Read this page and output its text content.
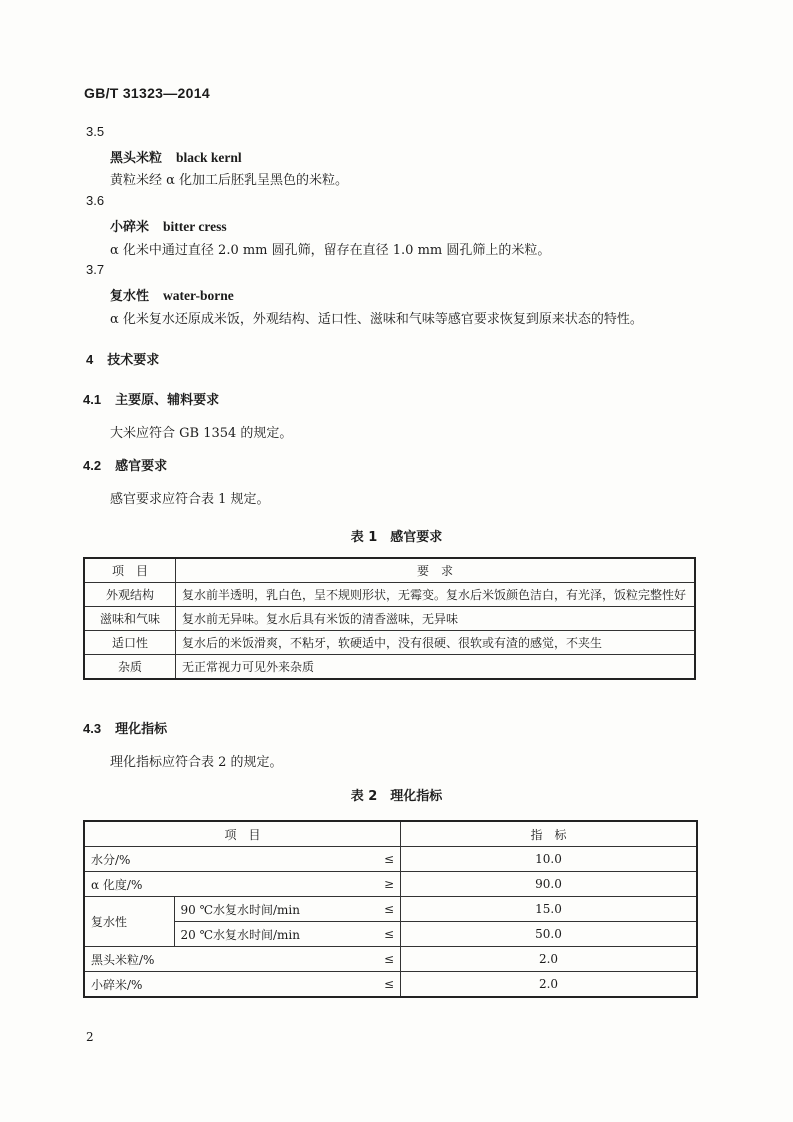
GB/T 31323—2014
3.5
黑头米粒 black kernl
黄粒米经 α 化加工后胚乳呈黑色的米粒。
3.6
小碎米 bitter cress
α 化米中通过直径 2.0 mm 圆孔筛，留存在直径 1.0 mm 圆孔筛上的米粒。
3.7
复水性 water-borne
α 化米复水还原成米饭，外观结构、适口性、滋味和气味等感官要求恢复到原来状态的特性。
4 技术要求
4.1 主要原、辅料要求
大米应符合 GB 1354 的规定。
4.2 感官要求
感官要求应符合表 1 规定。
表 1　感官要求
项　目	要　求
外观结构	复水前半透明，乳白色，呈不规则形状，无霉变。复水后米饭颜色洁白，有光泽，饭粒完整性好
滋味和气味	复水前无异味。复水后具有米饭的清香滋味，无异味
适口性	复水后的米饭滑爽，不粘牙，软硬适中，没有很硬、很软或有渣的感觉，不夹生
杂质	无正常视力可见外来杂质
4.3 理化指标
理化指标应符合表 2 的规定。
表 2　理化指标
项　目			指　标
水分/%		≤	10.0
α 化度/%		≥	90.0
复水性	90 ℃水复水时间/min	≤	15.0
	20 ℃水复水时间/min	≤	50.0
黑头米粒/%		≤	2.0
小碎米/%		≤	2.0
2
